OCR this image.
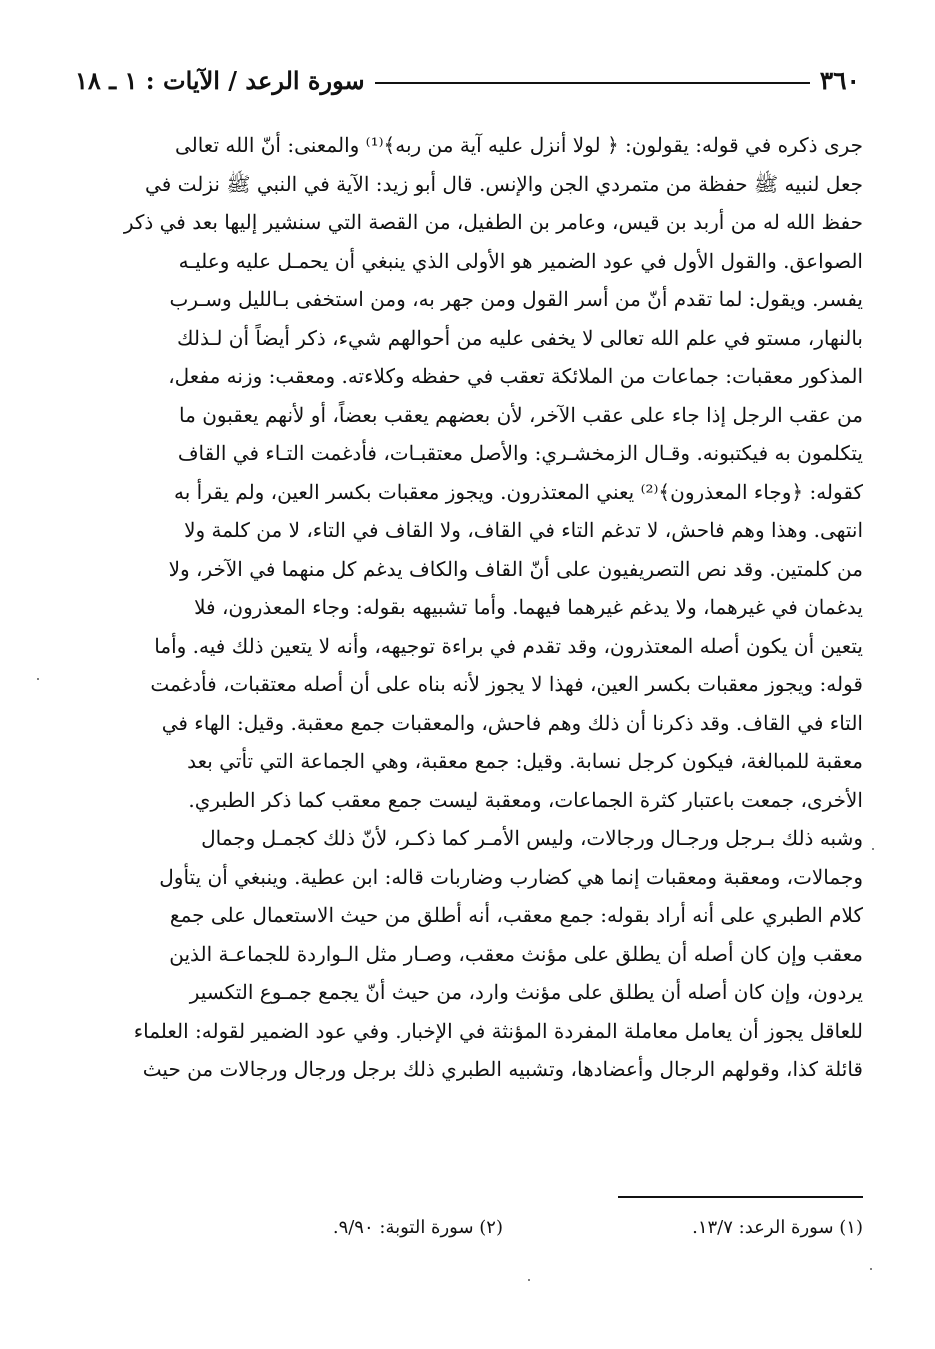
٣٦٠
سورة الرعد / الآيات : ١ ـ ١٨
جرى ذكره في قوله: يقولون: ﴿ لولا أنزل عليه آية من ربه﴾⁽¹⁾ والمعنى: أنّ الله تعالى
جعل لنبيه ﷺ حفظة من متمردي الجن والإنس. قال أبو زيد: الآية في النبي ﷺ نزلت في
حفظ الله له من أربد بن قيس، وعامر بن الطفيل، من القصة التي سنشير إليها بعد في ذكر
الصواعق. والقول الأول في عود الضمير هو الأولى الذي ينبغي أن يحمـل عليه وعليـه
يفسر. ويقول: لما تقدم أنّ من أسر القول ومن جهر به، ومن استخفى بـالليل وسـرب
بالنهار، مستو في علم الله تعالى لا يخفى عليه من أحوالهم شيء، ذكر أيضاً أن لـذلك
المذكور معقبات: جماعات من الملائكة تعقب في حفظه وكلاءته. ومعقب: وزنه مفعل،
من عقب الرجل إذا جاء على عقب الآخر، لأن بعضهم يعقب بعضاً، أو لأنهم يعقبون ما
يتكلمون به فيكتبونه. وقـال الزمخشـري: والأصل معتقبـات، فأدغمت التـاء في القاف
كقوله: ﴿وجاء المعذرون﴾⁽²⁾ يعني المعتذرون. ويجوز معقبات بكسر العين، ولم يقرأ به
انتهى. وهذا وهم فاحش، لا تدغم التاء في القاف، ولا القاف في التاء، لا من كلمة ولا
من كلمتين. وقد نص التصريفيون على أنّ القاف والكاف يدغم كل منهما في الآخر، ولا
يدغمان في غيرهما، ولا يدغم غيرهما فيهما. وأما تشبيهه بقوله: وجاء المعذرون، فلا
يتعين أن يكون أصله المعتذرون، وقد تقدم في براءة توجيهه، وأنه لا يتعين ذلك فيه. وأما
قوله: ويجوز معقبات بكسر العين، فهذا لا يجوز لأنه بناه على أن أصله معتقبات، فأدغمت
التاء في القاف. وقد ذكرنا أن ذلك وهم فاحش، والمعقبات جمع معقبة. وقيل: الهاء في
معقبة للمبالغة، فيكون كرجل نسابة. وقيل: جمع معقبة، وهي الجماعة التي تأتي بعد
الأخرى، جمعت باعتبار كثرة الجماعات، ومعقبة ليست جمع معقب كما ذكر الطبري.
وشبه ذلك بـرجل ورجـال ورجالات، وليس الأمـر كما ذكـر، لأنّ ذلك كجمـل وجمال
وجمالات، ومعقبة ومعقبات إنما هي كضارب وضاربات قاله: ابن عطية. وينبغي أن يتأول
كلام الطبري على أنه أراد بقوله: جمع معقب، أنه أطلق من حيث الاستعمال على جمع
معقب وإن كان أصله أن يطلق على مؤنث معقب، وصـار مثل الـواردة للجماعـة الذين
يردون، وإن كان أصله أن يطلق على مؤنث وارد، من حيث أنّ يجمع جمـوع التكسير
للعاقل يجوز أن يعامل معاملة المفردة المؤنثة في الإخبار. وفي عود الضمير لقوله: العلماء
قائلة كذا، وقولهم الرجال وأعضادها، وتشبيه الطبري ذلك برجل ورجال ورجالات من حيث
(١) سورة الرعد: ١٣/٧.
(٢) سورة التوبة: ٩/٩٠.
